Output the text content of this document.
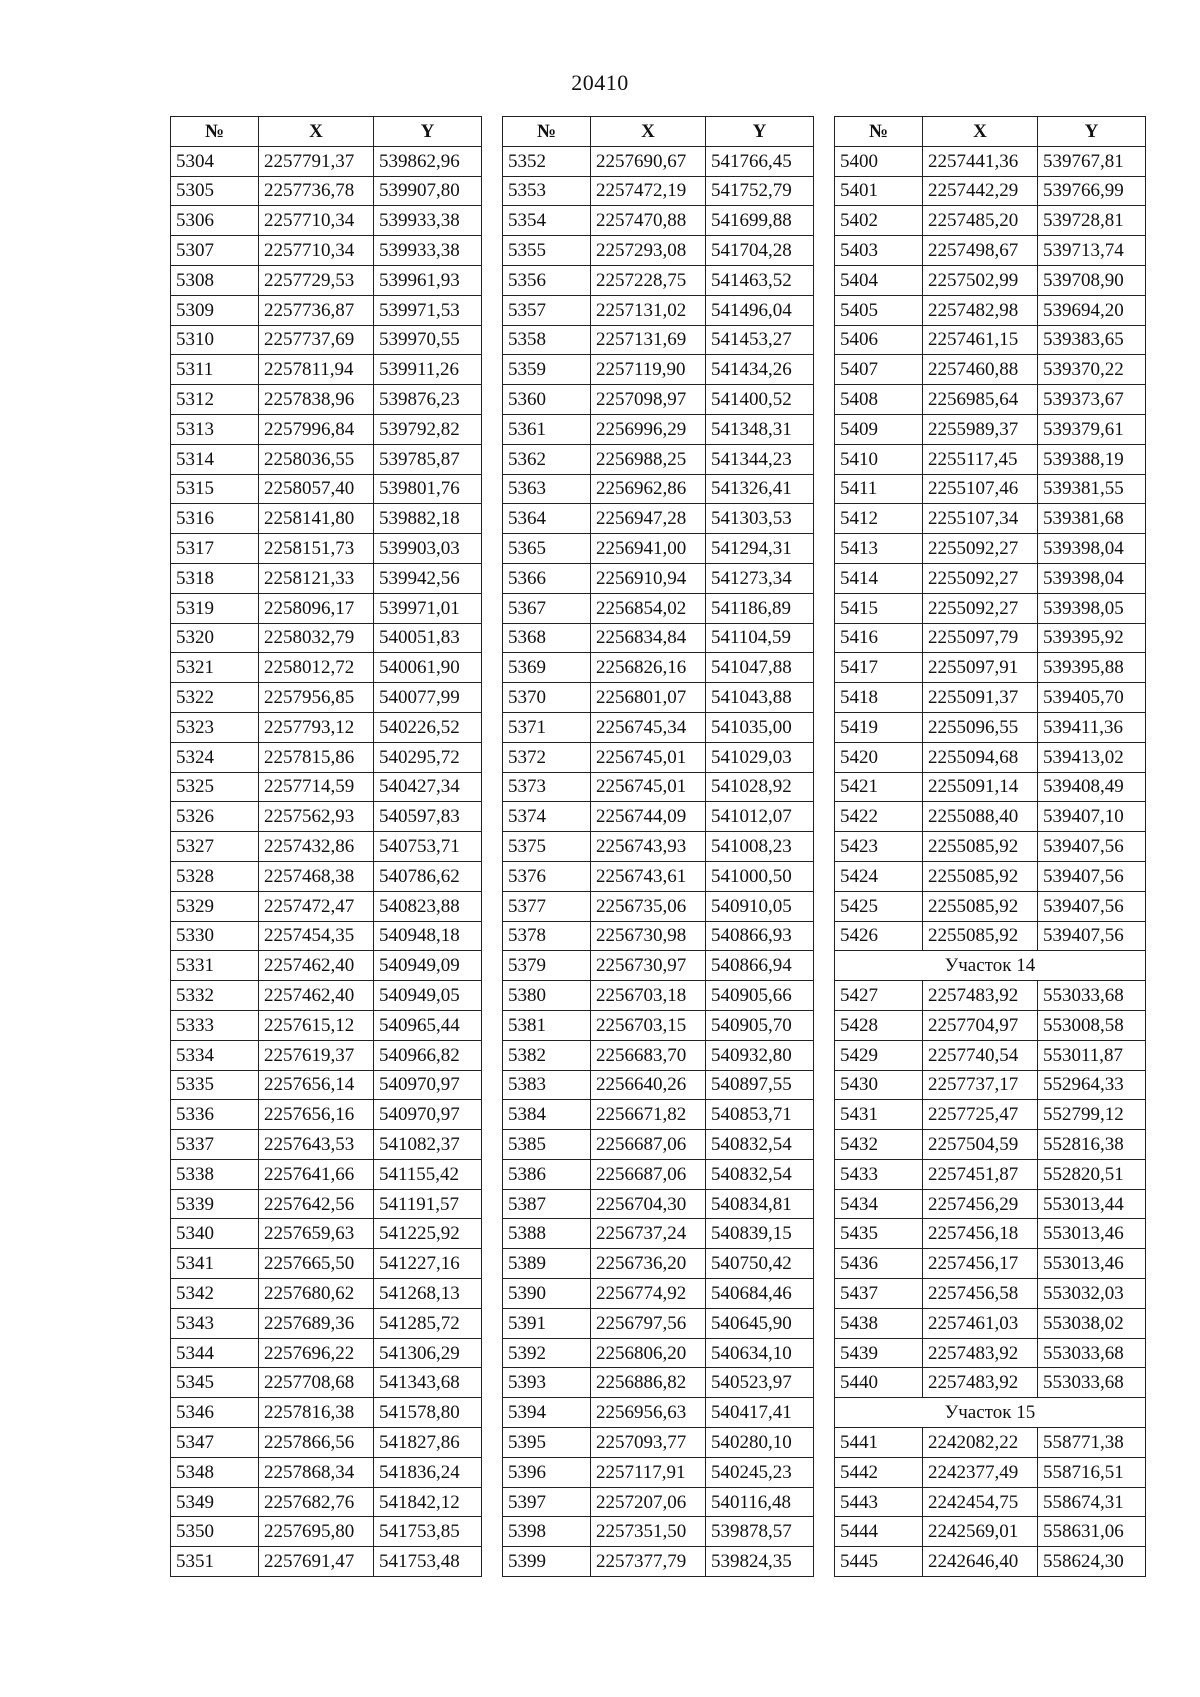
20410
№	X	Y
5304	2257791,37	539862,96
5305	2257736,78	539907,80
5306	2257710,34	539933,38
5307	2257710,34	539933,38
5308	2257729,53	539961,93
5309	2257736,87	539971,53
5310	2257737,69	539970,55
5311	2257811,94	539911,26
5312	2257838,96	539876,23
5313	2257996,84	539792,82
5314	2258036,55	539785,87
5315	2258057,40	539801,76
5316	2258141,80	539882,18
5317	2258151,73	539903,03
5318	2258121,33	539942,56
5319	2258096,17	539971,01
5320	2258032,79	540051,83
5321	2258012,72	540061,90
5322	2257956,85	540077,99
5323	2257793,12	540226,52
5324	2257815,86	540295,72
5325	2257714,59	540427,34
5326	2257562,93	540597,83
5327	2257432,86	540753,71
5328	2257468,38	540786,62
5329	2257472,47	540823,88
5330	2257454,35	540948,18
5331	2257462,40	540949,09
5332	2257462,40	540949,05
5333	2257615,12	540965,44
5334	2257619,37	540966,82
5335	2257656,14	540970,97
5336	2257656,16	540970,97
5337	2257643,53	541082,37
5338	2257641,66	541155,42
5339	2257642,56	541191,57
5340	2257659,63	541225,92
5341	2257665,50	541227,16
5342	2257680,62	541268,13
5343	2257689,36	541285,72
5344	2257696,22	541306,29
5345	2257708,68	541343,68
5346	2257816,38	541578,80
5347	2257866,56	541827,86
5348	2257868,34	541836,24
5349	2257682,76	541842,12
5350	2257695,80	541753,85
5351	2257691,47	541753,48
№	X	Y
5352	2257690,67	541766,45
5353	2257472,19	541752,79
5354	2257470,88	541699,88
5355	2257293,08	541704,28
5356	2257228,75	541463,52
5357	2257131,02	541496,04
5358	2257131,69	541453,27
5359	2257119,90	541434,26
5360	2257098,97	541400,52
5361	2256996,29	541348,31
5362	2256988,25	541344,23
5363	2256962,86	541326,41
5364	2256947,28	541303,53
5365	2256941,00	541294,31
5366	2256910,94	541273,34
5367	2256854,02	541186,89
5368	2256834,84	541104,59
5369	2256826,16	541047,88
5370	2256801,07	541043,88
5371	2256745,34	541035,00
5372	2256745,01	541029,03
5373	2256745,01	541028,92
5374	2256744,09	541012,07
5375	2256743,93	541008,23
5376	2256743,61	541000,50
5377	2256735,06	540910,05
5378	2256730,98	540866,93
5379	2256730,97	540866,94
5380	2256703,18	540905,66
5381	2256703,15	540905,70
5382	2256683,70	540932,80
5383	2256640,26	540897,55
5384	2256671,82	540853,71
5385	2256687,06	540832,54
5386	2256687,06	540832,54
5387	2256704,30	540834,81
5388	2256737,24	540839,15
5389	2256736,20	540750,42
5390	2256774,92	540684,46
5391	2256797,56	540645,90
5392	2256806,20	540634,10
5393	2256886,82	540523,97
5394	2256956,63	540417,41
5395	2257093,77	540280,10
5396	2257117,91	540245,23
5397	2257207,06	540116,48
5398	2257351,50	539878,57
5399	2257377,79	539824,35
№	X	Y
5400	2257441,36	539767,81
5401	2257442,29	539766,99
5402	2257485,20	539728,81
5403	2257498,67	539713,74
5404	2257502,99	539708,90
5405	2257482,98	539694,20
5406	2257461,15	539383,65
5407	2257460,88	539370,22
5408	2256985,64	539373,67
5409	2255989,37	539379,61
5410	2255117,45	539388,19
5411	2255107,46	539381,55
5412	2255107,34	539381,68
5413	2255092,27	539398,04
5414	2255092,27	539398,04
5415	2255092,27	539398,05
5416	2255097,79	539395,92
5417	2255097,91	539395,88
5418	2255091,37	539405,70
5419	2255096,55	539411,36
5420	2255094,68	539413,02
5421	2255091,14	539408,49
5422	2255088,40	539407,10
5423	2255085,92	539407,56
5424	2255085,92	539407,56
5425	2255085,92	539407,56
5426	2255085,92	539407,56
Участок 14		
5427	2257483,92	553033,68
5428	2257704,97	553008,58
5429	2257740,54	553011,87
5430	2257737,17	552964,33
5431	2257725,47	552799,12
5432	2257504,59	552816,38
5433	2257451,87	552820,51
5434	2257456,29	553013,44
5435	2257456,18	553013,46
5436	2257456,17	553013,46
5437	2257456,58	553032,03
5438	2257461,03	553038,02
5439	2257483,92	553033,68
5440	2257483,92	553033,68
Участок 15		
5441	2242082,22	558771,38
5442	2242377,49	558716,51
5443	2242454,75	558674,31
5444	2242569,01	558631,06
5445	2242646,40	558624,30
